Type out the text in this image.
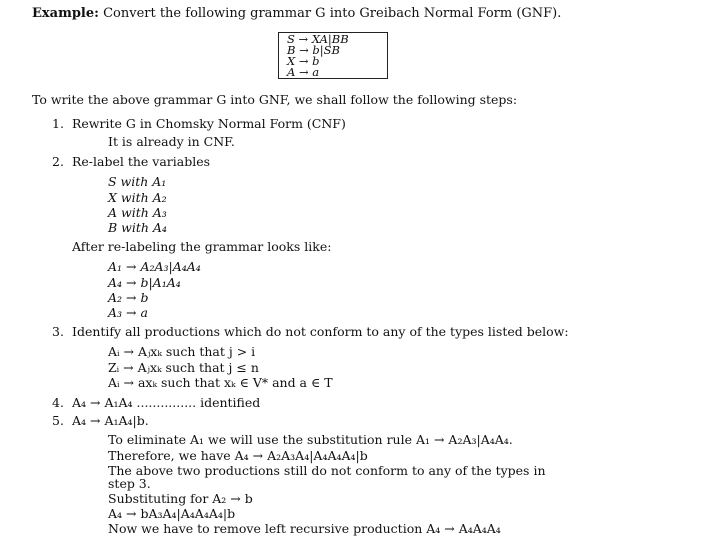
Example: Convert the following grammar G into Greibach Normal Form (GNF).
S → XA|BB
B → b|SB
X → b
A → a
To write the above grammar G into GNF, we shall follow the following steps:
1. Rewrite G in Chomsky Normal Form (CNF)
It is already in CNF.
2. Re-label the variables
S with A₁
X with A₂
A with A₃
B with A₄
After re-labeling the grammar looks like:
A₁ → A₂A₃|A₄A₄
A₄ → b|A₁A₄
A₂ → b
A₃ → a
3. Identify all productions which do not conform to any of the types listed below:
Aᵢ → Aⱼxₖ such that j > i
Zᵢ → Aⱼxₖ such that j ≤ n
Aᵢ → axₖ such that xₖ ∈ V* and a ∈ T
4. A₄ → A₁A₄ ............... identified
5. A₄ → A₁A₄|b.
To eliminate A₁ we will use the substitution rule A₁ → A₂A₃|A₄A₄.
Therefore, we have A₄ → A₂A₃A₄|A₄A₄A₄|b
The above two productions still do not conform to any of the types in
step 3.
Substituting for A₂ → b
A₄ → bA₃A₄|A₄A₄A₄|b
Now we have to remove left recursive production A₄ → A₄A₄A₄
